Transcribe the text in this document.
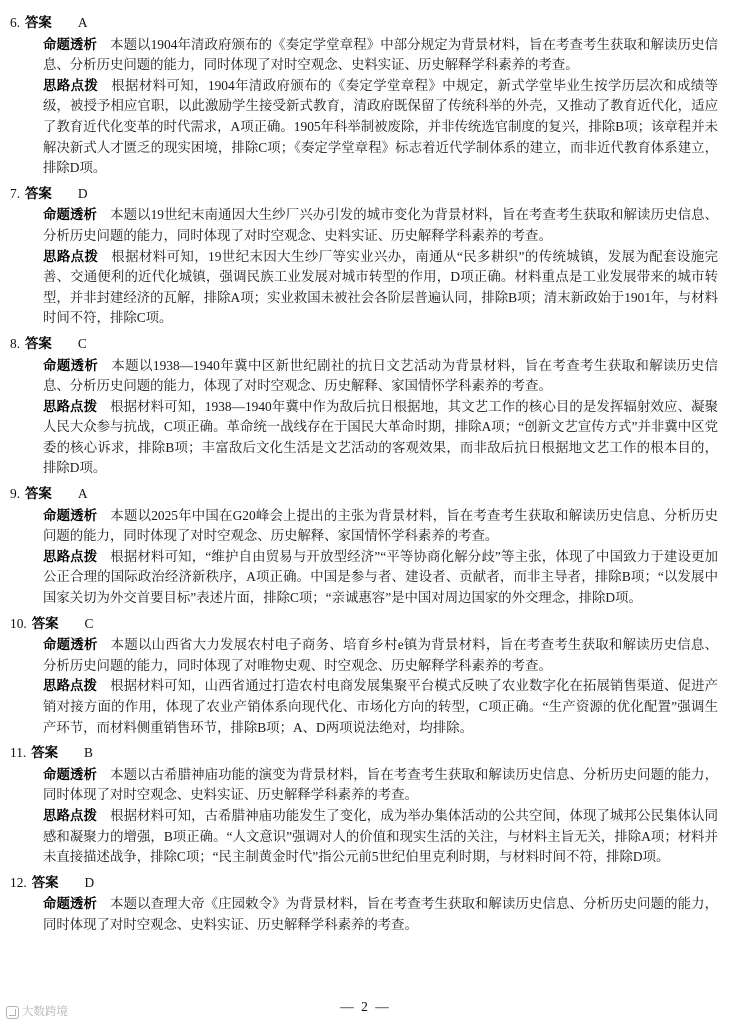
6. 答案 A

命题透析 本题以1904年清政府颁布的《奏定学堂章程》中部分规定为背景材料，旨在考查考生获取和解读历史信息、分析历史问题的能力，同时体现了对时空观念、史料实证、历史解释学科素养的考查。

思路点拨 根据材料可知，1904年清政府颁布的《奏定学堂章程》中规定，新式学堂毕业生按学历层次和成绩等级，被授予相应官职，以此激励学生接受新式教育，清政府既保留了传统科举的外壳，又推动了教育近代化，适应了教育近代化变革的时代需求，A项正确。1905年科举制被废除，并非传统选官制度的复兴，排除B项；该章程并未解决新式人才匮乏的现实困境，排除C项；《奏定学堂章程》标志着近代学制体系的建立，而非近代教育体系建立，排除D项。

7. 答案 D

命题透析 本题以19世纪末南通因大生纱厂兴办引发的城市变化为背景材料，旨在考查考生获取和解读历史信息、分析历史问题的能力，同时体现了对时空观念、史料实证、历史解释学科素养的考查。

思路点拨 根据材料可知，19世纪末因大生纱厂等实业兴办，南通从“民多耕织”的传统城镇，发展为配套设施完善、交通便利的近代化城镇，强调民族工业发展对城市转型的作用，D项正确。材料重点是工业发展带来的城市转型，并非封建经济的瓦解，排除A项；实业救国未被社会各阶层普遍认同，排除B项；清末新政始于1901年，与材料时间不符，排除C项。

8. 答案 C

命题透析 本题以1938—1940年冀中区新世纪剧社的抗日文艺活动为背景材料，旨在考查考生获取和解读历史信息、分析历史问题的能力，体现了对时空观念、历史解释、家国情怀学科素养的考查。

思路点拨 根据材料可知，1938—1940年冀中作为敌后抗日根据地，其文艺工作的核心目的是发挥辐射效应、凝聚人民大众参与抗战，C项正确。革命统一战线存在于国民大革命时期，排除A项；“创新文艺宣传方式”并非冀中区党委的核心诉求，排除B项；丰富敌后文化生活是文艺活动的客观效果，而非敌后抗日根据地文艺工作的根本目的，排除D项。

9. 答案 A

命题透析 本题以2025年中国在G20峰会上提出的主张为背景材料，旨在考查考生获取和解读历史信息、分析历史问题的能力，同时体现了对时空观念、历史解释、家国情怀学科素养的考查。

思路点拨 根据材料可知，“维护自由贸易与开放型经济”“平等协商化解分歧”等主张，体现了中国致力于建设更加公正合理的国际政治经济新秩序，A项正确。中国是参与者、建设者、贡献者，而非主导者，排除B项；“以发展中国家关切为外交首要目标”表述片面，排除C项；“亲诚惠容”是中国对周边国家的外交理念，排除D项。

10. 答案 C

命题透析 本题以山西省大力发展农村电子商务、培育乡村e镇为背景材料，旨在考查考生获取和解读历史信息、分析历史问题的能力，同时体现了对唯物史观、时空观念、历史解释学科素养的考查。

思路点拨 根据材料可知，山西省通过打造农村电商发展集聚平台模式反映了农业数字化在拓展销售渠道、促进产销对接方面的作用，体现了农业产销体系向现代化、市场化方向的转型，C项正确。“生产资源的优化配置”强调生产环节，而材料侧重销售环节，排除B项；A、D两项说法绝对，均排除。

11. 答案 B

命题透析 本题以古希腊神庙功能的演变为背景材料，旨在考查考生获取和解读历史信息、分析历史问题的能力，同时体现了对时空观念、史料实证、历史解释学科素养的考查。

思路点拨 根据材料可知，古希腊神庙功能发生了变化，成为举办集体活动的公共空间，体现了城邦公民集体认同感和凝聚力的增强，B项正确。“人文意识”强调对人的价值和现实生活的关注，与材料主旨无关，排除A项；材料并未直接描述战争，排除C项；“民主制黄金时代”指公元前5世纪伯里克利时期，与材料时间不符，排除D项。

12. 答案 D

命题透析 本题以查理大帝《庄园敕令》为背景材料，旨在考查考生获取和解读历史信息、分析历史问题的能力，同时体现了对时空观念、史料实证、历史解释学科素养的考查。

— 2 —
大数跨境
